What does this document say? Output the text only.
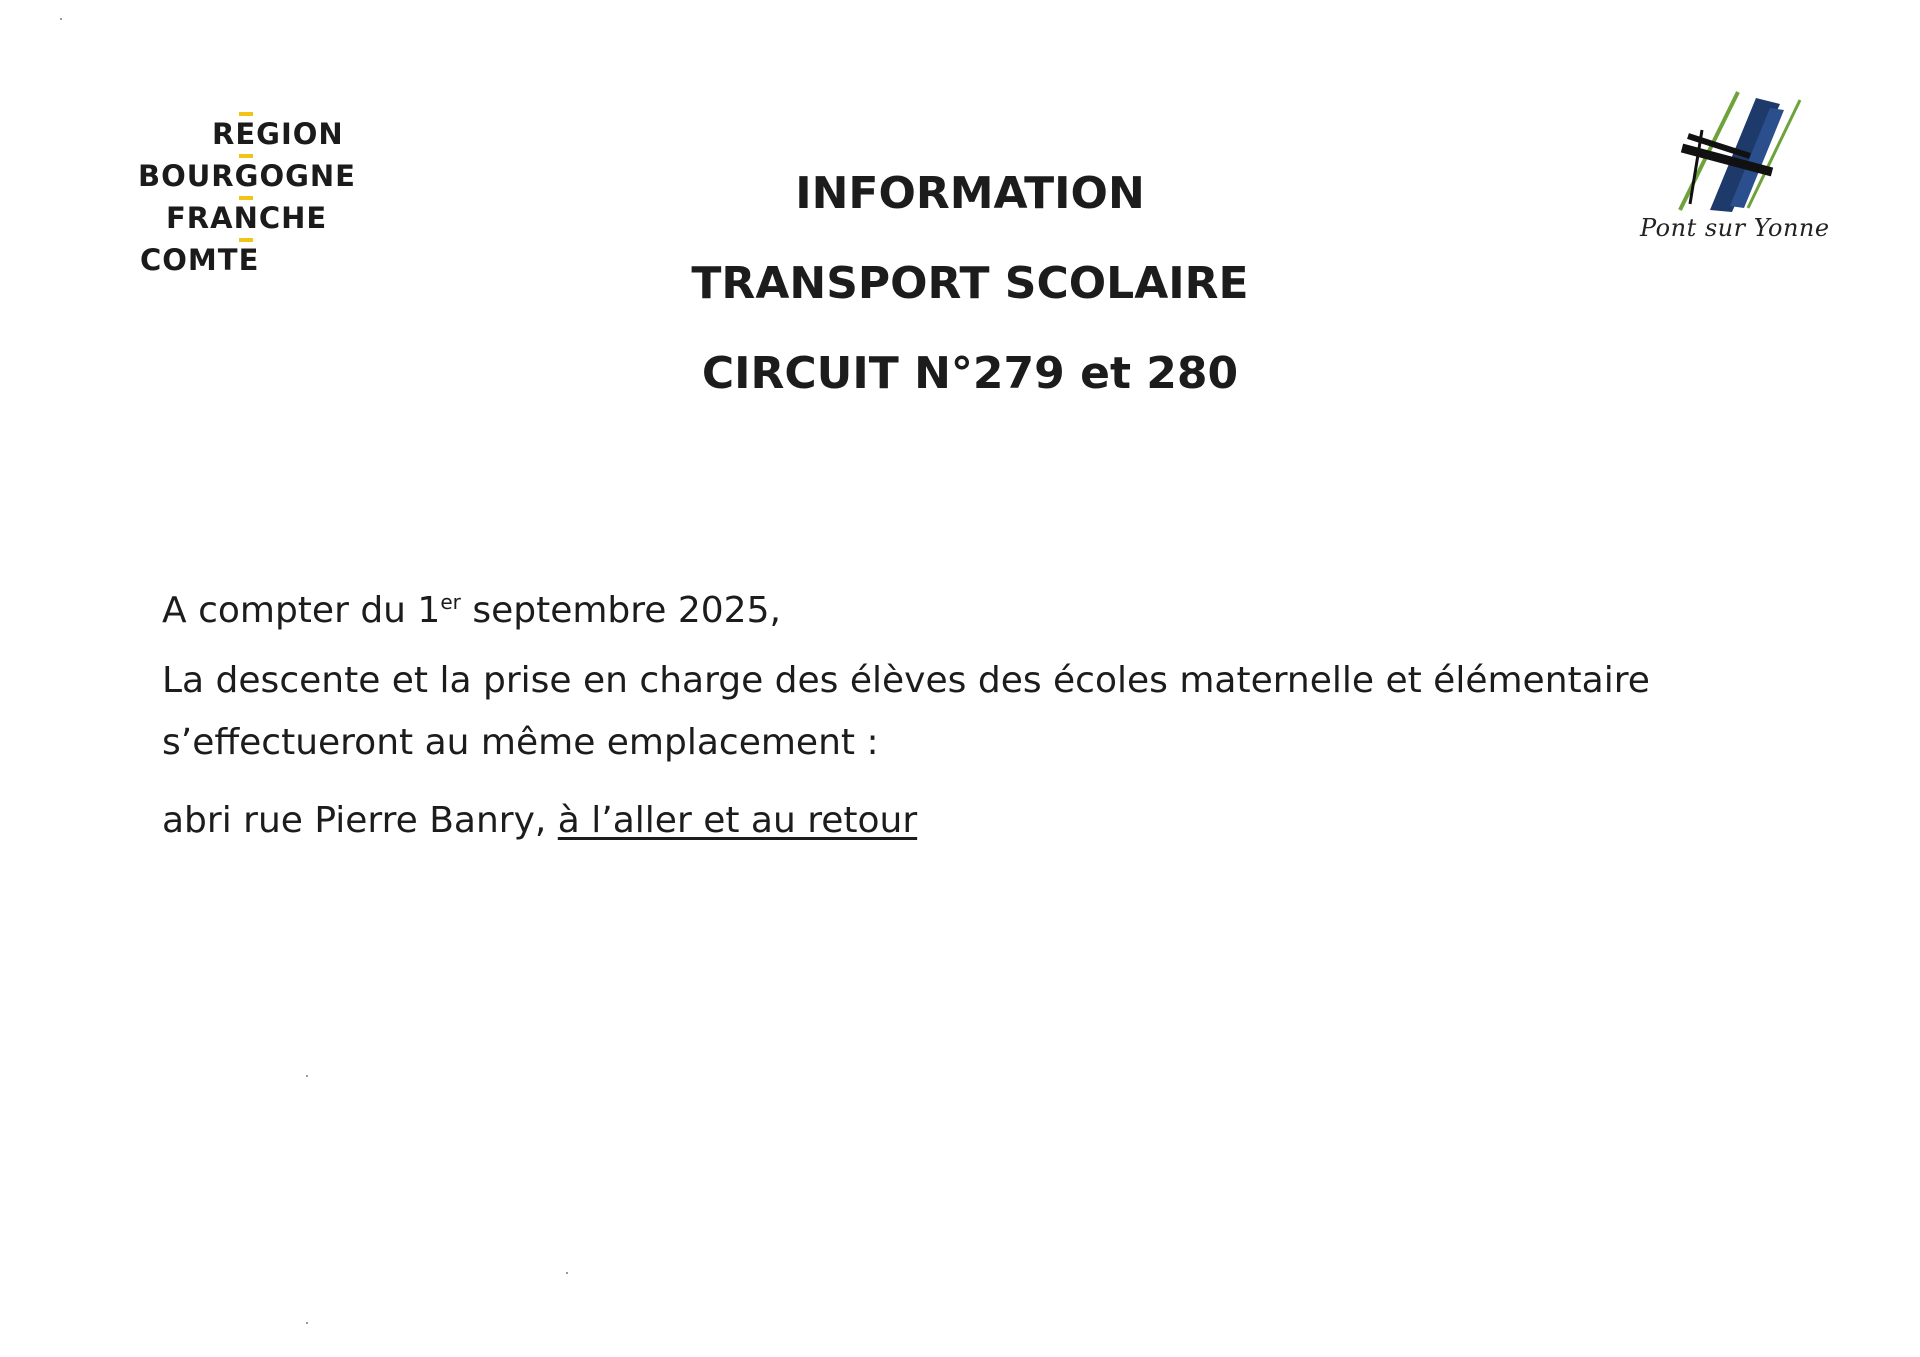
REGION
BOURGOGNE
FRANCHE
COMTE
Pont sur Yonne
INFORMATION
TRANSPORT SCOLAIRE
CIRCUIT N°279 et 280

A compter du 1er septembre 2025,

La descente et la prise en charge des élèves des écoles maternelle et élémentaire s’effectueront au même emplacement :

abri rue Pierre Banry, à l’aller et au retour
